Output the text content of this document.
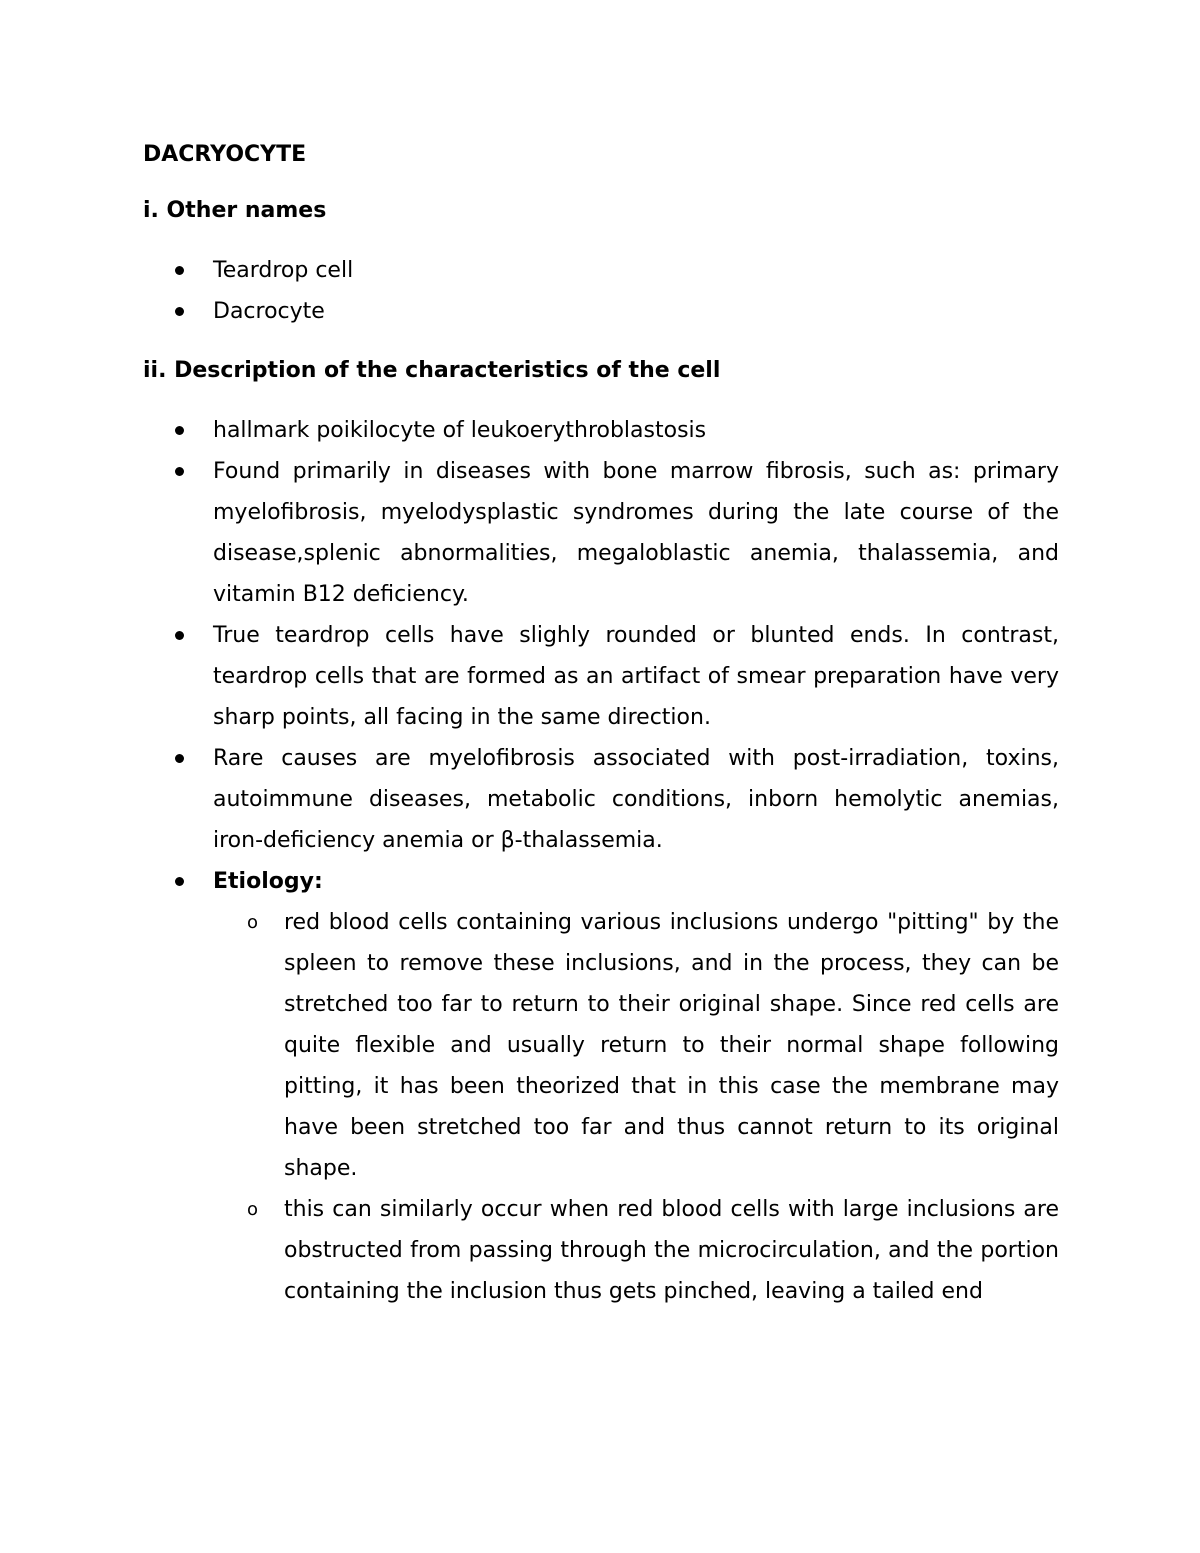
DACRYOCYTE
i. Other names
Teardrop cell
Dacrocyte
ii. Description of the characteristics of the cell
hallmark poikilocyte of leukoerythroblastosis
Found primarily in diseases with bone marrow fibrosis, such as: primary myelofibrosis, myelodysplastic syndromes during the late course of the disease,splenic abnormalities, megaloblastic anemia, thalassemia, and vitamin B12 deficiency.
True teardrop cells have slighly rounded or blunted ends. In contrast, teardrop cells that are formed as an artifact of smear preparation have very sharp points, all facing in the same direction.
Rare causes are myelofibrosis associated with post-irradiation, toxins, autoimmune diseases, metabolic conditions, inborn hemolytic anemias, iron-deficiency anemia or β-thalassemia.
Etiology:
o red blood cells containing various inclusions undergo "pitting" by the spleen to remove these inclusions, and in the process, they can be stretched too far to return to their original shape. Since red cells are quite flexible and usually return to their normal shape following pitting, it has been theorized that in this case the membrane may have been stretched too far and thus cannot return to its original shape.
o this can similarly occur when red blood cells with large inclusions are obstructed from passing through the microcirculation, and the portion containing the inclusion thus gets pinched, leaving a tailed end
